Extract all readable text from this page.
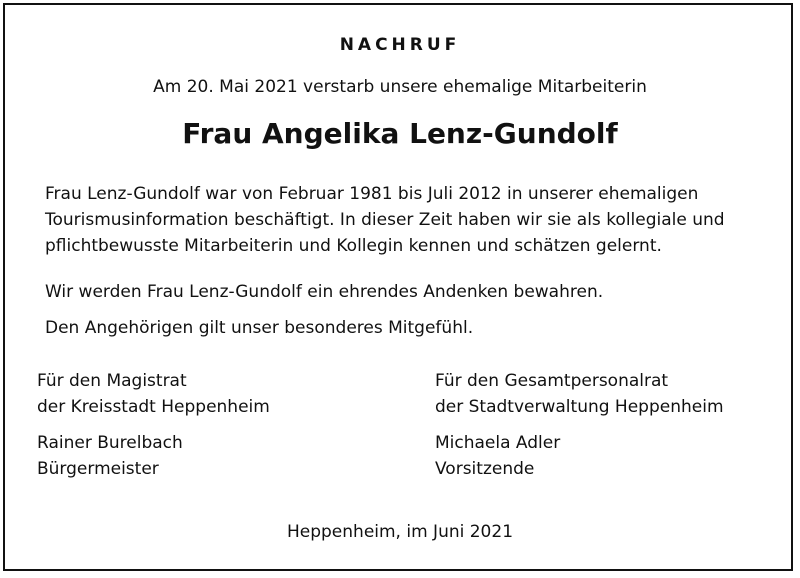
NACHRUF
Am 20. Mai 2021 verstarb unsere ehemalige Mitarbeiterin
Frau Angelika Lenz-Gundolf

Frau Lenz-Gundolf war von Februar 1981 bis Juli 2012 in unserer ehemaligen Tourismusinformation beschäftigt. In dieser Zeit haben wir sie als kollegiale und pflichtbewusste Mitarbeiterin und Kollegin kennen und schätzen gelernt.

Wir werden Frau Lenz-Gundolf ein ehrendes Andenken bewahren.

Den Angehörigen gilt unser besonderes Mitgefühl.

Für den Magistrat
der Kreisstadt Heppenheim
Rainer Burelbach
Bürgermeister
Für den Gesamtpersonalrat
der Stadtverwaltung Heppenheim
Michaela Adler
Vorsitzende
Heppenheim, im Juni 2021
